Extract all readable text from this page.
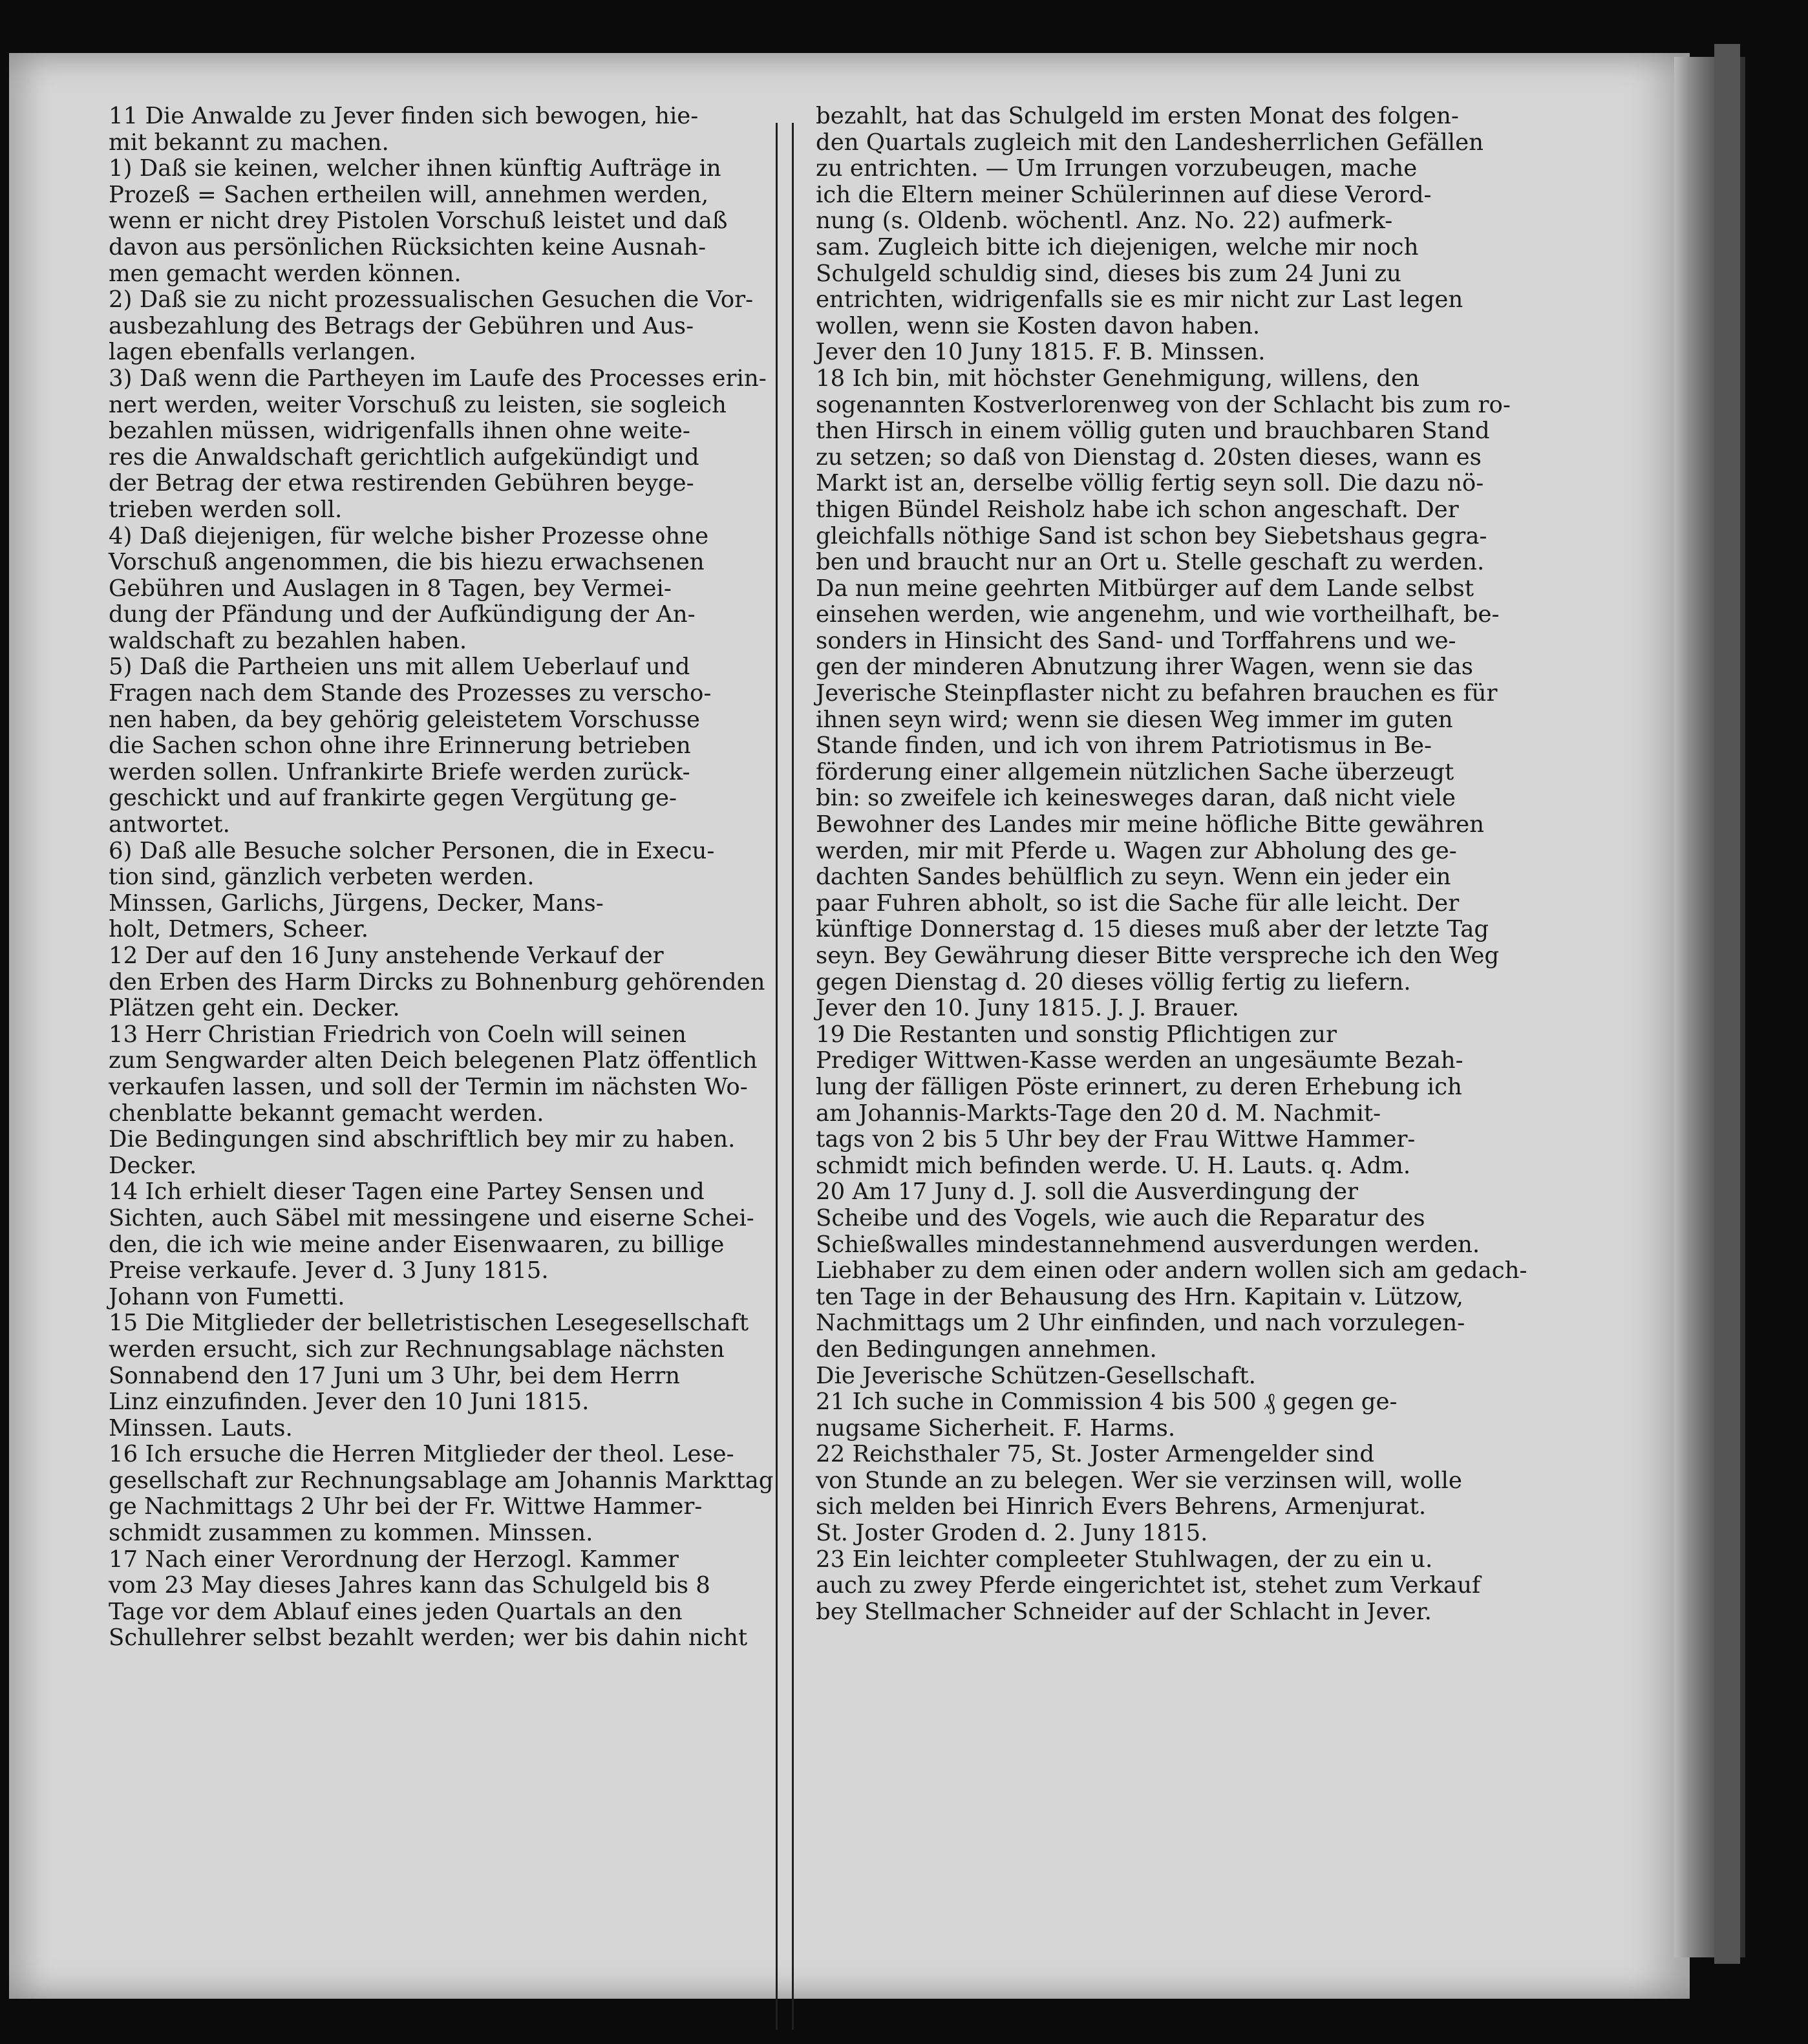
11 Die Anwalde zu Jever finden sich bewogen, hie-
mit bekannt zu machen.
1) Daß sie keinen, welcher ihnen künftig Aufträge in
Prozeß = Sachen ertheilen will, annehmen werden,
wenn er nicht drey Pistolen Vorschuß leistet und daß
davon aus persönlichen Rücksichten keine Ausnah-
men gemacht werden können.
2) Daß sie zu nicht prozessualischen Gesuchen die Vor-
ausbezahlung des Betrags der Gebühren und Aus-
lagen ebenfalls verlangen.
3) Daß wenn die Partheyen im Laufe des Processes erin-
nert werden, weiter Vorschuß zu leisten, sie sogleich
bezahlen müssen, widrigenfalls ihnen ohne weite-
res die Anwaldschaft gerichtlich aufgekündigt und
der Betrag der etwa restirenden Gebühren beyge-
trieben werden soll.
4) Daß diejenigen, für welche bisher Prozesse ohne
Vorschuß angenommen, die bis hiezu erwachsenen
Gebühren und Auslagen in 8 Tagen, bey Vermei-
dung der Pfändung und der Aufkündigung der An-
waldschaft zu bezahlen haben.
5) Daß die Partheien uns mit allem Ueberlauf und
Fragen nach dem Stande des Prozesses zu verscho-
nen haben, da bey gehörig geleistetem Vorschusse
die Sachen schon ohne ihre Erinnerung betrieben
werden sollen. Unfrankirte Briefe werden zurück-
geschickt und auf frankirte gegen Vergütung ge-
antwortet.
6) Daß alle Besuche solcher Personen, die in Execu-
tion sind, gänzlich verbeten werden.
Minssen, Garlichs, Jürgens, Decker, Mans-
holt, Detmers, Scheer.
12 Der auf den 16 Juny anstehende Verkauf der
den Erben des Harm Dircks zu Bohnenburg gehörenden
Plätzen geht ein. Decker.
13 Herr Christian Friedrich von Coeln will seinen
zum Sengwarder alten Deich belegenen Platz öffentlich
verkaufen lassen, und soll der Termin im nächsten Wo-
chenblatte bekannt gemacht werden.
Die Bedingungen sind abschriftlich bey mir zu haben.
Decker.
14 Ich erhielt dieser Tagen eine Partey Sensen und
Sichten, auch Säbel mit messingene und eiserne Schei-
den, die ich wie meine ander Eisenwaaren, zu billige
Preise verkaufe. Jever d. 3 Juny 1815.
Johann von Fumetti.
15 Die Mitglieder der belletristischen Lesegesellschaft
werden ersucht, sich zur Rechnungsablage nächsten
Sonnabend den 17 Juni um 3 Uhr, bei dem Herrn
Linz einzufinden. Jever den 10 Juni 1815.
Minssen. Lauts.
16 Ich ersuche die Herren Mitglieder der theol. Lese-
gesellschaft zur Rechnungsablage am Johannis Markttag
ge Nachmittags 2 Uhr bei der Fr. Wittwe Hammer-
schmidt zusammen zu kommen. Minssen.
17 Nach einer Verordnung der Herzogl. Kammer
vom 23 May dieses Jahres kann das Schulgeld bis 8
Tage vor dem Ablauf eines jeden Quartals an den
Schullehrer selbst bezahlt werden; wer bis dahin nicht
bezahlt, hat das Schulgeld im ersten Monat des folgen-
den Quartals zugleich mit den Landesherrlichen Gefällen
zu entrichten. — Um Irrungen vorzubeugen, mache
ich die Eltern meiner Schülerinnen auf diese Verord-
nung (s. Oldenb. wöchentl. Anz. No. 22) aufmerk-
sam. Zugleich bitte ich diejenigen, welche mir noch
Schulgeld schuldig sind, dieses bis zum 24 Juni zu
entrichten, widrigenfalls sie es mir nicht zur Last legen
wollen, wenn sie Kosten davon haben.
Jever den 10 Juny 1815. F. B. Minssen.
18 Ich bin, mit höchster Genehmigung, willens, den
sogenannten Kostverlorenweg von der Schlacht bis zum ro-
then Hirsch in einem völlig guten und brauchbaren Stand
zu setzen; so daß von Dienstag d. 20sten dieses, wann es
Markt ist an, derselbe völlig fertig seyn soll. Die dazu nö-
thigen Bündel Reisholz habe ich schon angeschaft. Der
gleichfalls nöthige Sand ist schon bey Siebetshaus gegra-
ben und braucht nur an Ort u. Stelle geschaft zu werden.
Da nun meine geehrten Mitbürger auf dem Lande selbst
einsehen werden, wie angenehm, und wie vortheilhaft, be-
sonders in Hinsicht des Sand- und Torffahrens und we-
gen der minderen Abnutzung ihrer Wagen, wenn sie das
Jeverische Steinpflaster nicht zu befahren brauchen es für
ihnen seyn wird; wenn sie diesen Weg immer im guten
Stande finden, und ich von ihrem Patriotismus in Be-
förderung einer allgemein nützlichen Sache überzeugt
bin: so zweifele ich keinesweges daran, daß nicht viele
Bewohner des Landes mir meine höfliche Bitte gewähren
werden, mir mit Pferde u. Wagen zur Abholung des ge-
dachten Sandes behülflich zu seyn. Wenn ein jeder ein
paar Fuhren abholt, so ist die Sache für alle leicht. Der
künftige Donnerstag d. 15 dieses muß aber der letzte Tag
seyn. Bey Gewährung dieser Bitte verspreche ich den Weg
gegen Dienstag d. 20 dieses völlig fertig zu liefern.
Jever den 10. Juny 1815. J. J. Brauer.
19 Die Restanten und sonstig Pflichtigen zur
Prediger Wittwen-Kasse werden an ungesäumte Bezah-
lung der fälligen Pöste erinnert, zu deren Erhebung ich
am Johannis-Markts-Tage den 20 d. M. Nachmit-
tags von 2 bis 5 Uhr bey der Frau Wittwe Hammer-
schmidt mich befinden werde. U. H. Lauts. q. Adm.
20 Am 17 Juny d. J. soll die Ausverdingung der
Scheibe und des Vogels, wie auch die Reparatur des
Schießwalles mindestannehmend ausverdungen werden.
Liebhaber zu dem einen oder andern wollen sich am gedach-
ten Tage in der Behausung des Hrn. Kapitain v. Lützow,
Nachmittags um 2 Uhr einfinden, und nach vorzulegen-
den Bedingungen annehmen.
Die Jeverische Schützen-Gesellschaft.
21 Ich suche in Commission 4 bis 500 ₰ gegen ge-
nugsame Sicherheit. F. Harms.
22 Reichsthaler 75, St. Joster Armengelder sind
von Stunde an zu belegen. Wer sie verzinsen will, wolle
sich melden bei Hinrich Evers Behrens, Armenjurat.
St. Joster Groden d. 2. Juny 1815.
23 Ein leichter compleeter Stuhlwagen, der zu ein u.
auch zu zwey Pferde eingerichtet ist, stehet zum Verkauf
bey Stellmacher Schneider auf der Schlacht in Jever.
